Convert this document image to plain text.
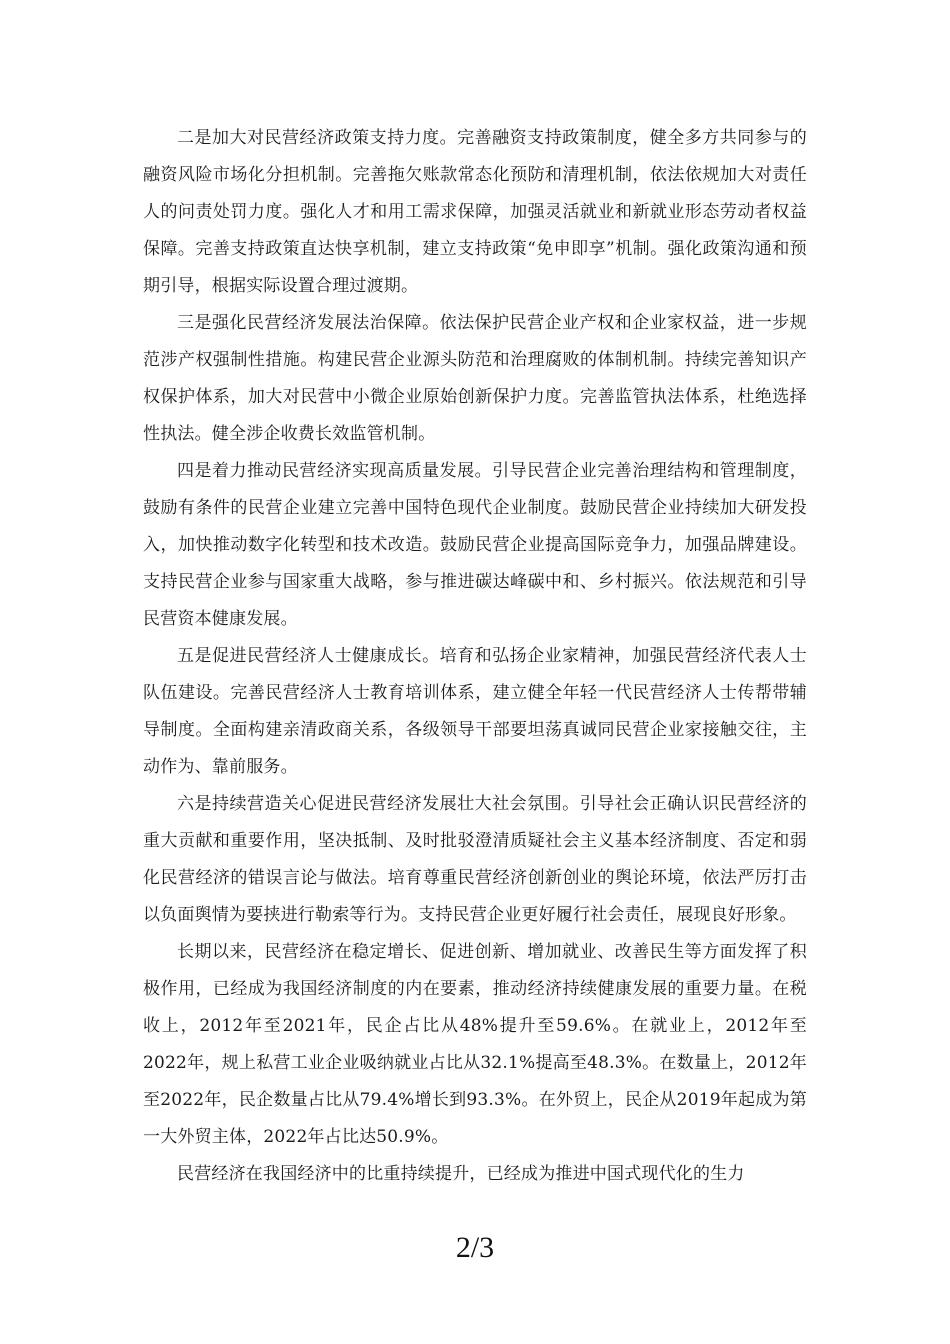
二是加大对民营经济政策支持力度。完善融资支持政策制度，健全多方共同参与的融资风险市场化分担机制。完善拖欠账款常态化预防和清理机制，依法依规加大对责任人的问责处罚力度。强化人才和用工需求保障，加强灵活就业和新就业形态劳动者权益保障。完善支持政策直达快享机制，建立支持政策“免申即享”机制。强化政策沟通和预期引导，根据实际设置合理过渡期。

三是强化民营经济发展法治保障。依法保护民营企业产权和企业家权益，进一步规范涉产权强制性措施。构建民营企业源头防范和治理腐败的体制机制。持续完善知识产权保护体系，加大对民营中小微企业原始创新保护力度。完善监管执法体系，杜绝选择性执法。健全涉企收费长效监管机制。

四是着力推动民营经济实现高质量发展。引导民营企业完善治理结构和管理制度，鼓励有条件的民营企业建立完善中国特色现代企业制度。鼓励民营企业持续加大研发投入，加快推动数字化转型和技术改造。鼓励民营企业提高国际竞争力，加强品牌建设。支持民营企业参与国家重大战略，参与推进碳达峰碳中和、乡村振兴。依法规范和引导民营资本健康发展。

五是促进民营经济人士健康成长。培育和弘扬企业家精神，加强民营经济代表人士队伍建设。完善民营经济人士教育培训体系，建立健全年轻一代民营经济人士传帮带辅导制度。全面构建亲清政商关系，各级领导干部要坦荡真诚同民营企业家接触交往，主动作为、靠前服务。

六是持续营造关心促进民营经济发展壮大社会氛围。引导社会正确认识民营经济的重大贡献和重要作用，坚决抵制、及时批驳澄清质疑社会主义基本经济制度、否定和弱化民营经济的错误言论与做法。培育尊重民营经济创新创业的舆论环境，依法严厉打击以负面舆情为要挟进行勒索等行为。支持民营企业更好履行社会责任，展现良好形象。

长期以来，民营经济在稳定增长、促进创新、增加就业、改善民生等方面发挥了积极作用，已经成为我国经济制度的内在要素，推动经济持续健康发展的重要力量。在税收上，2012年至2021年，民企占比从48%提升至59.6%。在就业上，2012年至2022年，规上私营工业企业吸纳就业占比从32.1%提高至48.3%。在数量上，2012年至2022年，民企数量占比从79.4%增长到93.3%。在外贸上，民企从2019年起成为第一大外贸主体，2022年占比达50.9%。

民营经济在我国经济中的比重持续提升，已经成为推进中国式现代化的生力

2/3
